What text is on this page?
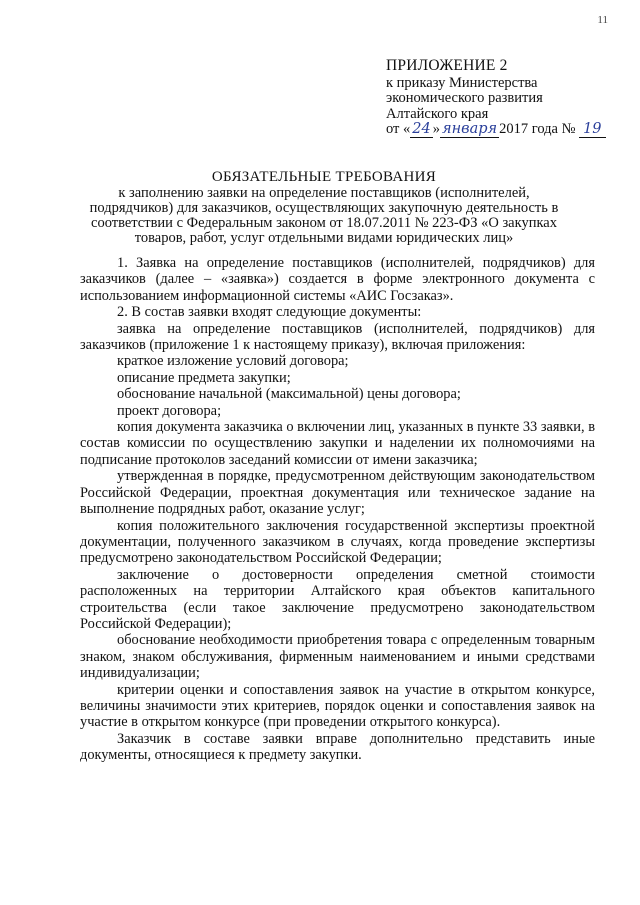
11
ПРИЛОЖЕНИЕ 2
к приказу Министерства
экономического развития
Алтайского края
от « 24 » января 2017 года № 19
ОБЯЗАТЕЛЬНЫЕ ТРЕБОВАНИЯ
к заполнению заявки на определение поставщиков (исполнителей,
подрядчиков) для заказчиков, осуществляющих закупочную деятельность в
соответствии с Федеральным законом от 18.07.2011 № 223-ФЗ «О закупках
товаров, работ, услуг отдельными видами юридических лиц»

1. Заявка на определение поставщиков (исполнителей, подрядчиков) для заказчиков (далее – «заявка») создается в форме электронного документа с использованием информационной системы «АИС Госзаказ».

2. В состав заявки входят следующие документы:

заявка на определение поставщиков (исполнителей, подрядчиков) для заказчиков (приложение 1 к настоящему приказу), включая приложения:

краткое изложение условий договора;

описание предмета закупки;

обоснование начальной (максимальной) цены договора;

проект договора;

копия документа заказчика о включении лиц, указанных в пункте 33 заявки, в состав комиссии по осуществлению закупки и наделении их полномочиями на подписание протоколов заседаний комиссии от имени заказчика;

утвержденная в порядке, предусмотренном действующим законодательством Российской Федерации, проектная документация или техническое задание на выполнение подрядных работ, оказание услуг;

копия положительного заключения государственной экспертизы проектной документации, полученного заказчиком в случаях, когда проведение экспертизы предусмотрено законодательством Российской Федерации;

заключение о достоверности определения сметной стоимости расположенных на территории Алтайского края объектов капитального строительства (если такое заключение предусмотрено законодательством Российской Федерации);

обоснование необходимости приобретения товара с определенным товарным знаком, знаком обслуживания, фирменным наименованием и иными средствами индивидуализации;

критерии оценки и сопоставления заявок на участие в открытом конкурсе, величины значимости этих критериев, порядок оценки и сопоставления заявок на участие в открытом конкурсе (при проведении открытого конкурса).

Заказчик в составе заявки вправе дополнительно представить иные документы, относящиеся к предмету закупки.
